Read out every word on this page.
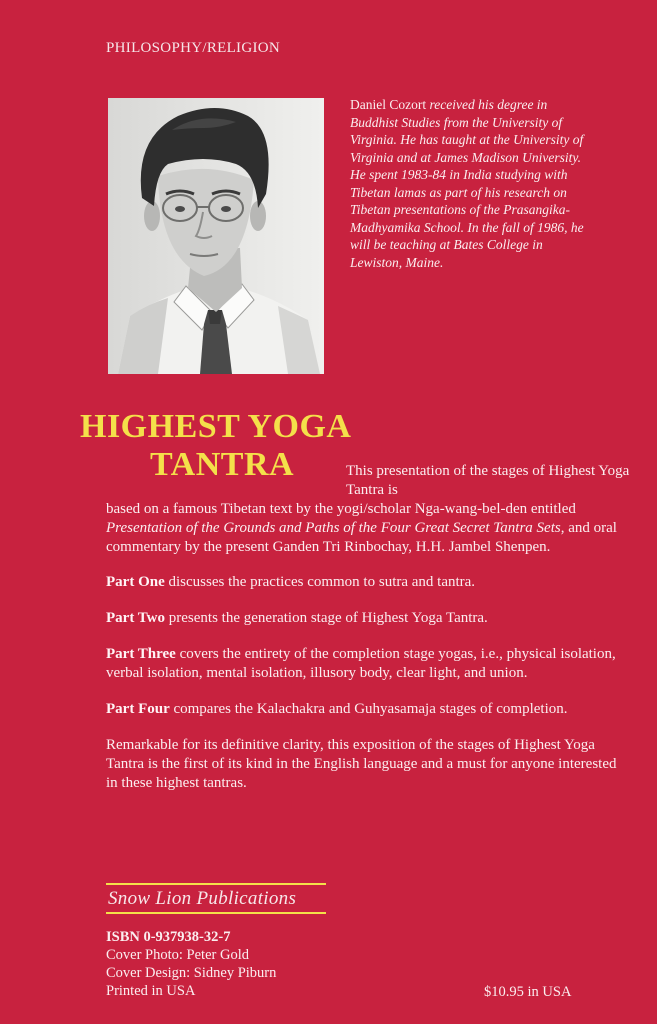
PHILOSOPHY/RELIGION
Daniel Cozort received his degree in Buddhist Studies from the University of Virginia. He has taught at the University of Virginia and at James Madison University. He spent 1983-84 in India studying with Tibetan lamas as part of his research on Tibetan presentations of the Prasangika-Madhyamika School. In the fall of 1986, he will be teaching at Bates College in Lewiston, Maine.
HIGHEST YOGA
TANTRA	This presentation of the stages of Highest Yoga Tantra is

based on a famous Tibetan text by the yogi/scholar Nga-wang-bel-den entitled Presentation of the Grounds and Paths of the Four Great Secret Tantra Sets, and oral commentary by the present Ganden Tri Rinbochay, H.H. Jambel Shenpen.

Part One discusses the practices common to sutra and tantra.

Part Two presents the generation stage of Highest Yoga Tantra.

Part Three covers the entirety of the completion stage yogas, i.e., physical isolation, verbal isolation, mental isolation, illusory body, clear light, and union.

Part Four compares the Kalachakra and Guhyasamaja stages of completion.

Remarkable for its definitive clarity, this exposition of the stages of Highest Yoga Tantra is the first of its kind in the English language and a must for anyone interested in these highest tantras.

Snow Lion Publications
ISBN 0-937938-32-7
Cover Photo: Peter Gold
Cover Design: Sidney Piburn
Printed in USA	$10.95 in USA
